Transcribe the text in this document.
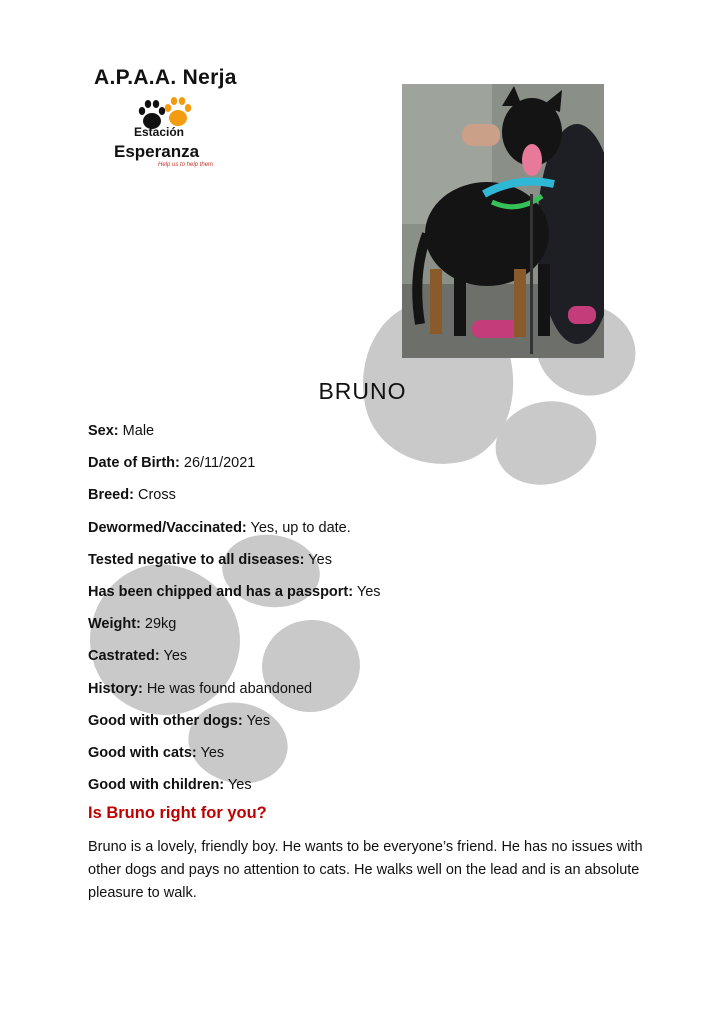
A.P.A.A. Nerja
Estación
Esperanza
Help us to help them
BRUNO
Sex: Male
Date of Birth: 26/11/2021
Breed: Cross
Dewormed/Vaccinated: Yes, up to date.
Tested negative to all diseases: Yes
Has been chipped and has a passport: Yes
Weight: 29kg
Castrated: Yes
History: He was found abandoned
Good with other dogs: Yes
Good with cats: Yes
Good with children: Yes
Is Bruno right for you?

Bruno is a lovely, friendly boy. He wants to be everyone’s friend. He has no issues with other dogs and pays no attention to cats. He walks well on the lead and is an absolute pleasure to walk.
